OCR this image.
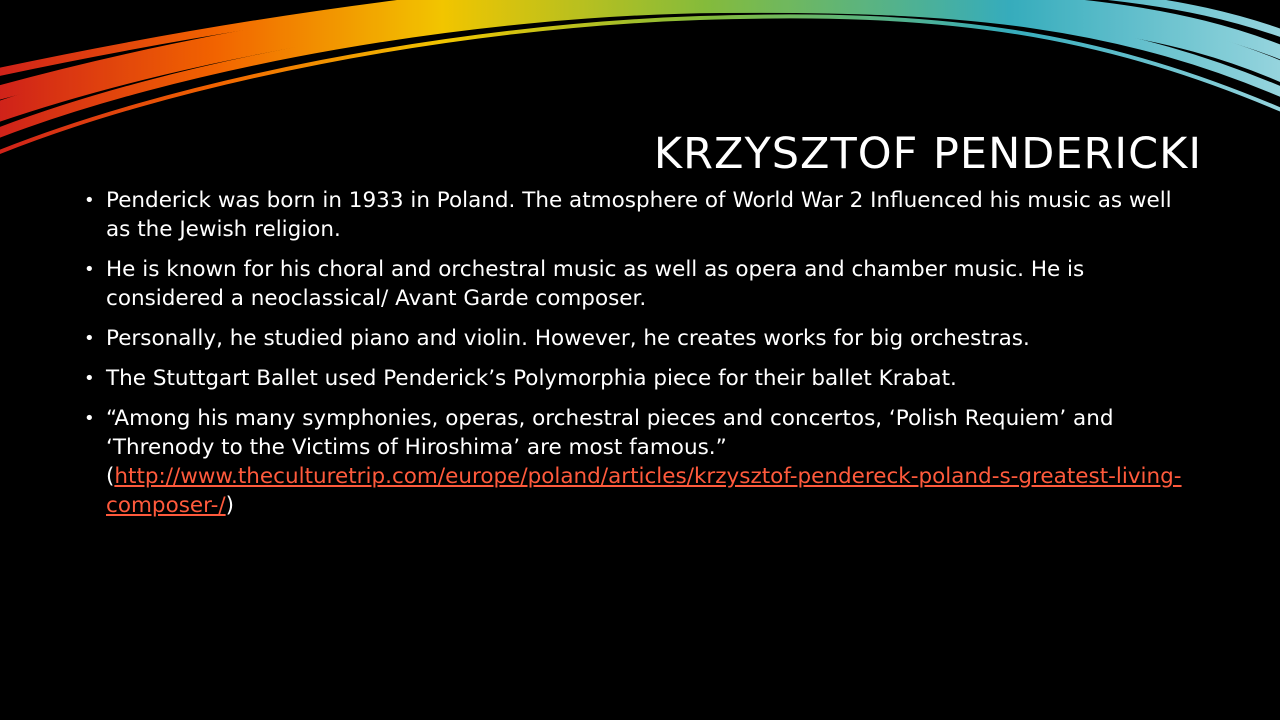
KRZYSZTOF PENDERICKI
• Penderick was born in 1933 in Poland. The atmosphere of World War 2 Influenced his music as well as the Jewish religion.
• He is known for his choral and orchestral music as well as opera and chamber music. He is considered a neoclassical/ Avant Garde composer.
• Personally, he studied piano and violin. However, he creates works for big orchestras.
• The Stuttgart Ballet used Penderick’s Polymorphia piece for their ballet Krabat.
• “Among his many symphonies, operas, orchestral pieces and concertos, ‘Polish Requiem’ and ‘Threnody to the Victims of Hiroshima’ are most famous.” (http://www.theculturetrip.com/europe/poland/articles/krzysztof-pendereck-poland-s-greatest-living-composer-/)
